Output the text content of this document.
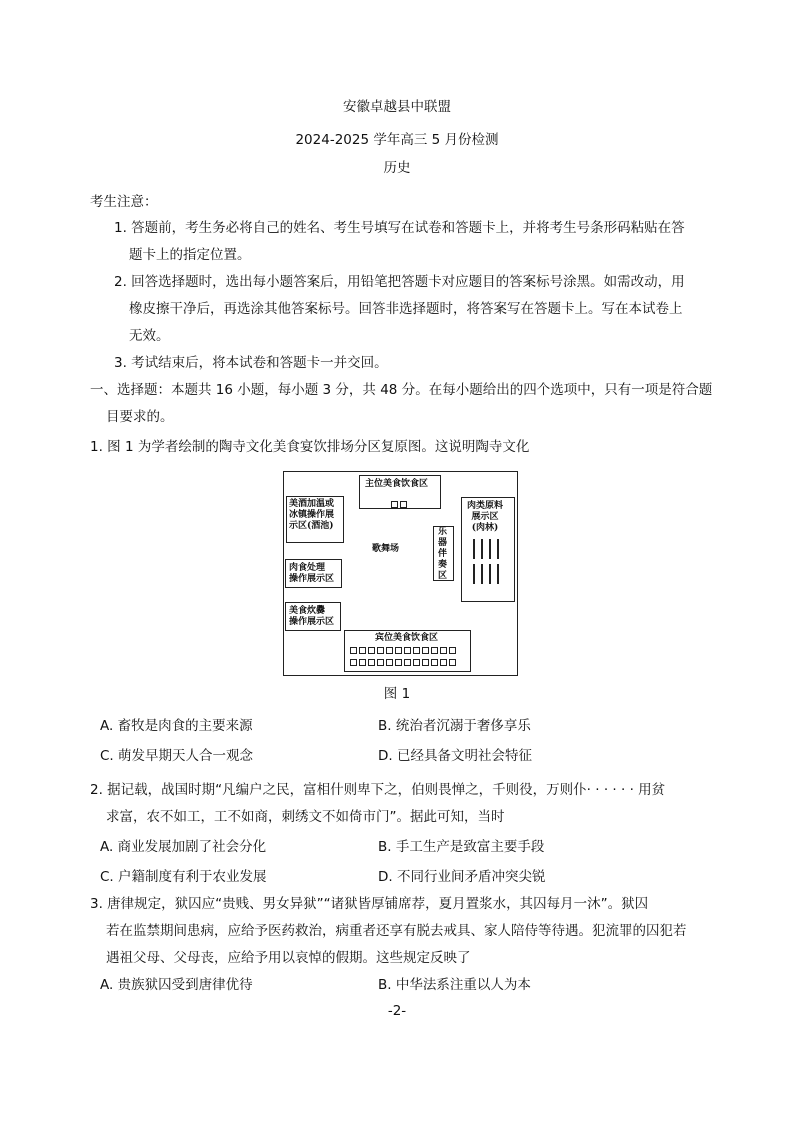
安徽卓越县中联盟
2024-2025 学年高三 5 月份检测
历史
考生注意：
1. 答题前，考生务必将自己的姓名、考生号填写在试卷和答题卡上，并将考生号条形码粘贴在答
题卡上的指定位置。
2. 回答选择题时，选出每小题答案后，用铅笔把答题卡对应题目的答案标号涂黑。如需改动，用
橡皮擦干净后，再选涂其他答案标号。回答非选择题时，将答案写在答题卡上。写在本试卷上
无效。
3. 考试结束后，将本试卷和答题卡一并交回。
一、选择题：本题共 16 小题，每小题 3 分，共 48 分。在每小题给出的四个选项中，只有一项是符合题
目要求的。
1. 图 1 为学者绘制的陶寺文化美食宴饮排场分区复原图。这说明陶寺文化
主位美食饮食区
美酒加温或
冰镇操作展
示区(酒池)
肉类原料
展示区
(肉林)
歌舞场
乐
器
伴
奏
区
肉食处理
操作展示区
美食炊爨
操作展示区
宾位美食饮食区
图 1
A. 畜牧是肉食的主要来源	B. 统治者沉溺于奢侈享乐
C. 萌发早期天人合一观念	D. 已经具备文明社会特征
2. 据记载，战国时期“凡编户之民，富相什则卑下之，伯则畏惮之，千则役，万则仆· · · · · · 用贫
求富，农不如工，工不如商，刺绣文不如倚市门”。据此可知，当时
A. 商业发展加剧了社会分化	B. 手工生产是致富主要手段
C. 户籍制度有利于农业发展	D. 不同行业间矛盾冲突尖锐
3. 唐律规定，狱囚应“贵贱、男女异狱”“诸狱皆厚铺席荐，夏月置浆水，其囚每月一沐”。狱囚
若在监禁期间患病，应给予医药救治，病重者还享有脱去戒具、家人陪侍等待遇。犯流罪的囚犯若
遇祖父母、父母丧，应给予用以哀悼的假期。这些规定反映了
A. 贵族狱囚受到唐律优待	B. 中华法系注重以人为本
-2-
